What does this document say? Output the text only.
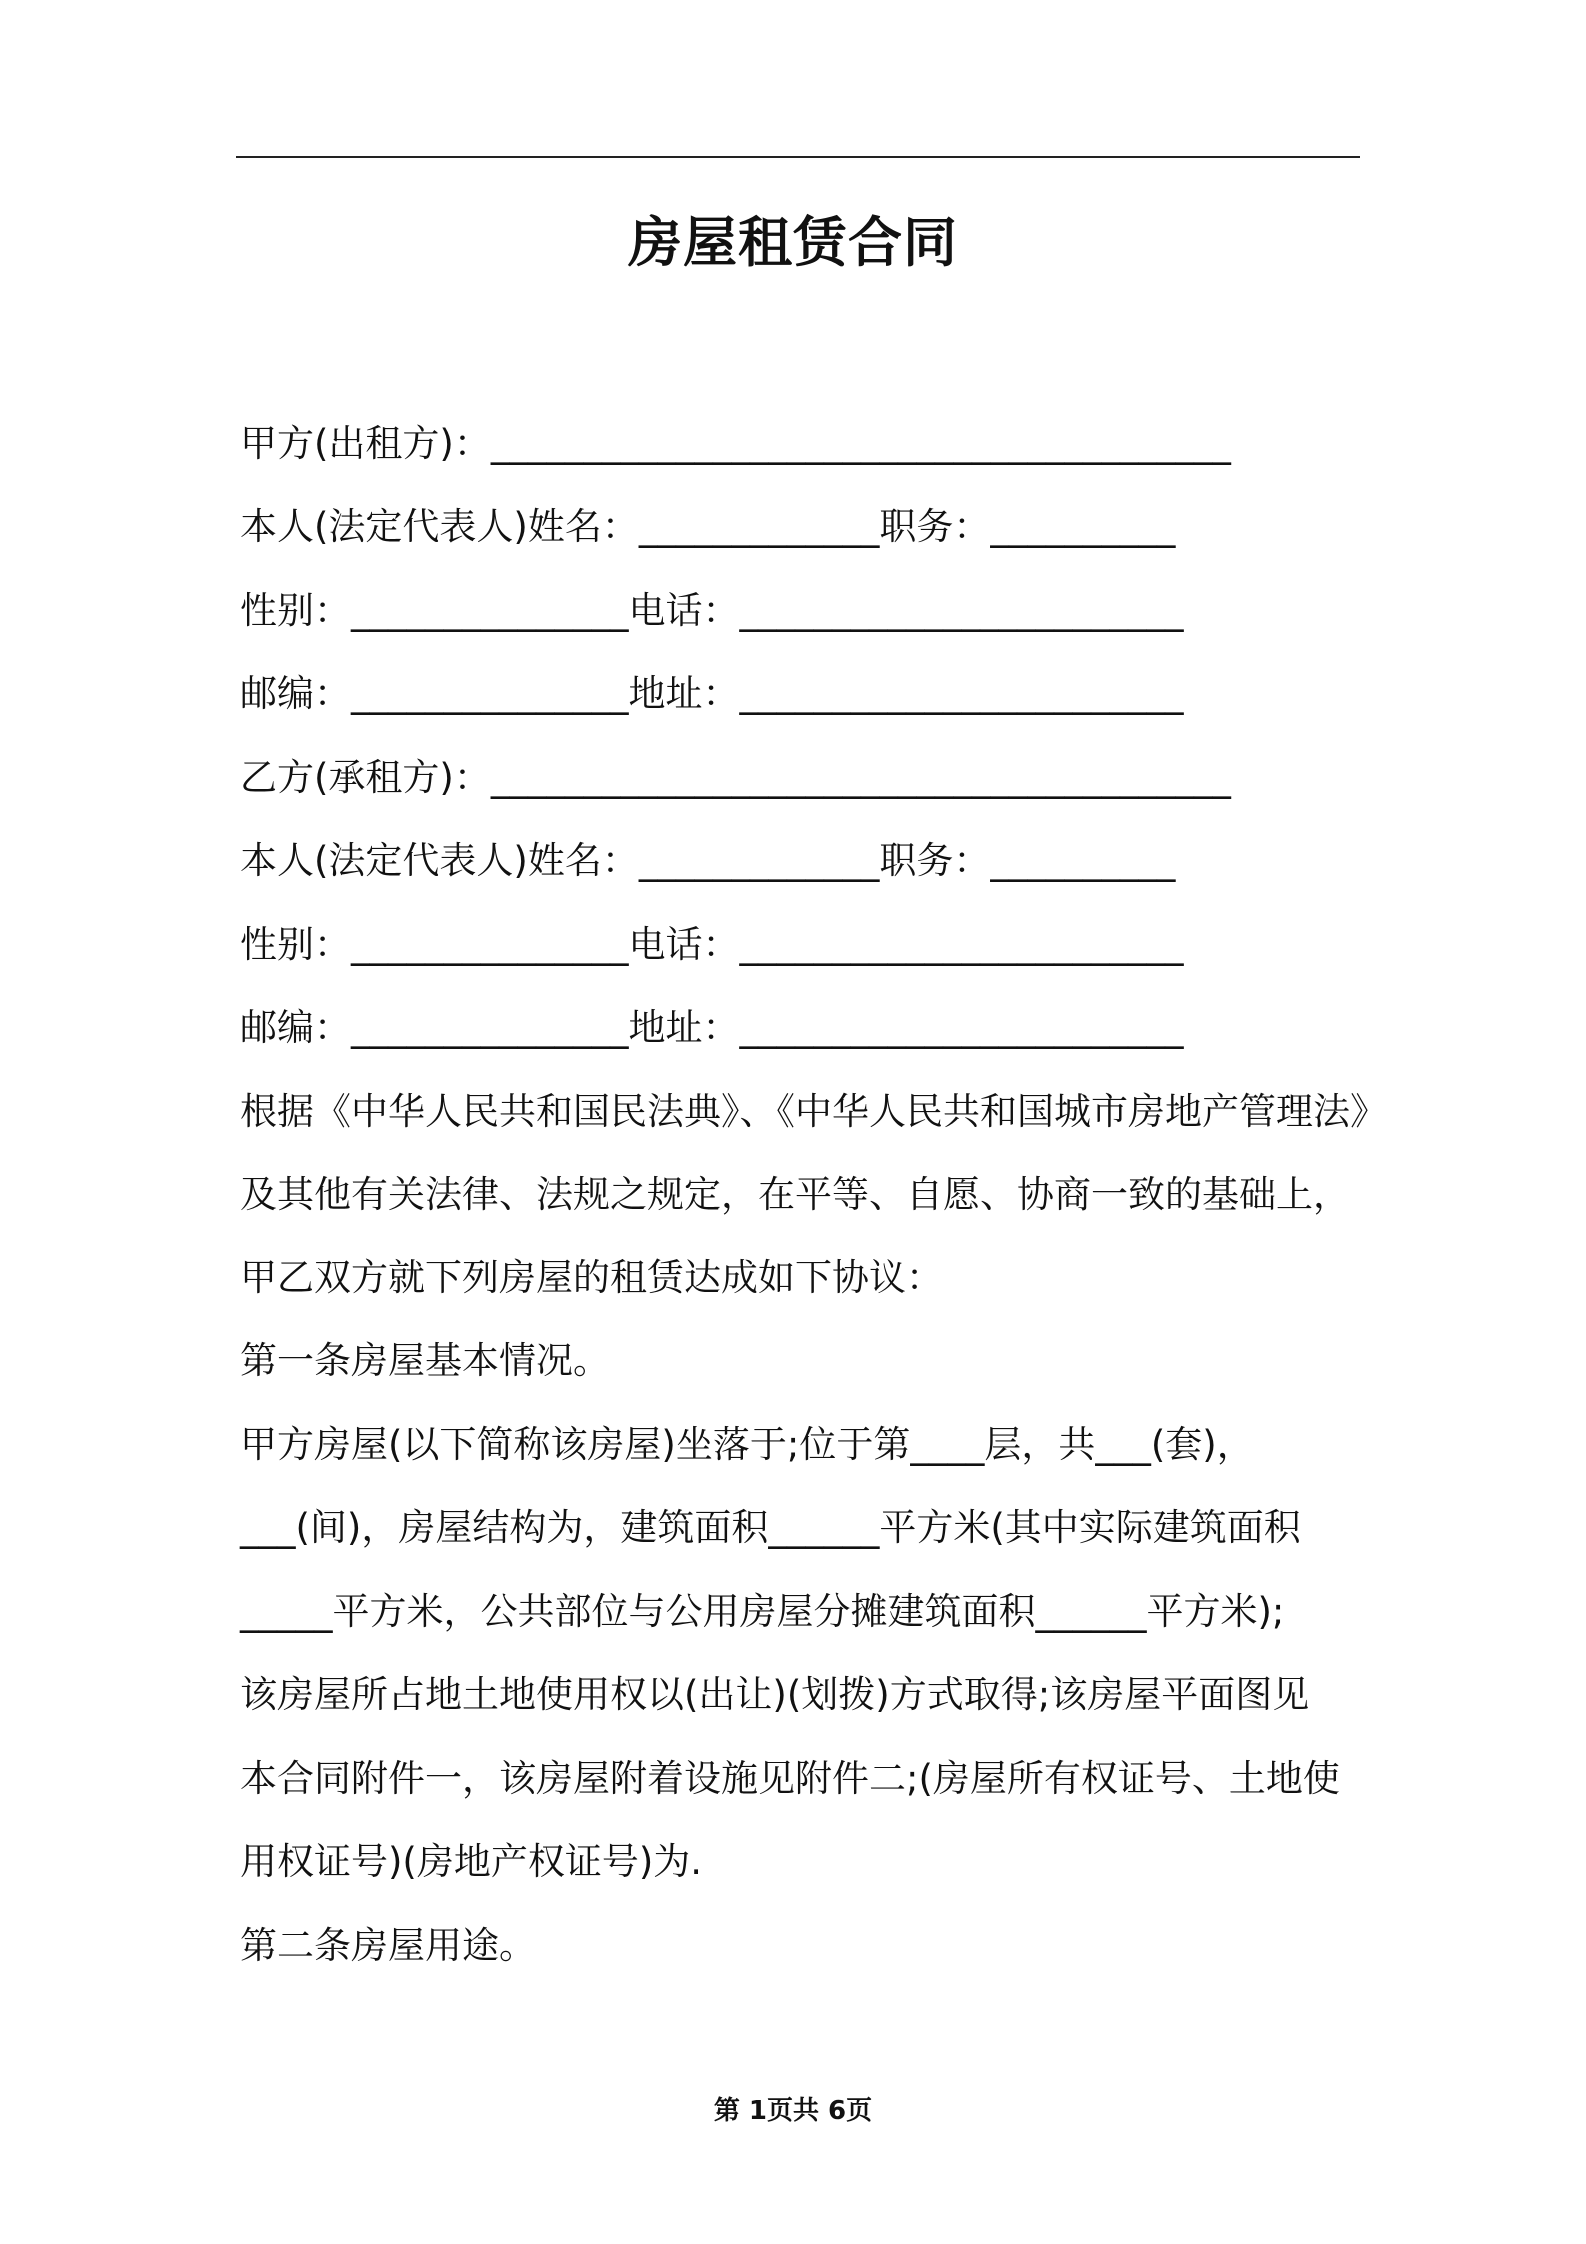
房屋租赁合同
甲方(出租方)：________________________________________
本人(法定代表人)姓名：_____________职务：__________
性别：_______________电话：________________________
邮编：_______________地址：________________________
乙方(承租方)：________________________________________
本人(法定代表人)姓名：_____________职务：__________
性别：_______________电话：________________________
邮编：_______________地址：________________________
根据《中华人民共和国民法典》、《中华人民共和国城市房地产管理法》
及其他有关法律、法规之规定，在平等、自愿、协商一致的基础上，
甲乙双方就下列房屋的租赁达成如下协议：
第一条房屋基本情况。
甲方房屋(以下简称该房屋)坐落于;位于第____层，共___(套)，
___(间)，房屋结构为，建筑面积______平方米(其中实际建筑面积
_____平方米，公共部位与公用房屋分摊建筑面积______平方米);
该房屋所占地土地使用权以(出让)(划拨)方式取得;该房屋平面图见
本合同附件一，该房屋附着设施见附件二;(房屋所有权证号、土地使
用权证号)(房地产权证号)为.
第二条房屋用途。
第 1页共 6页
